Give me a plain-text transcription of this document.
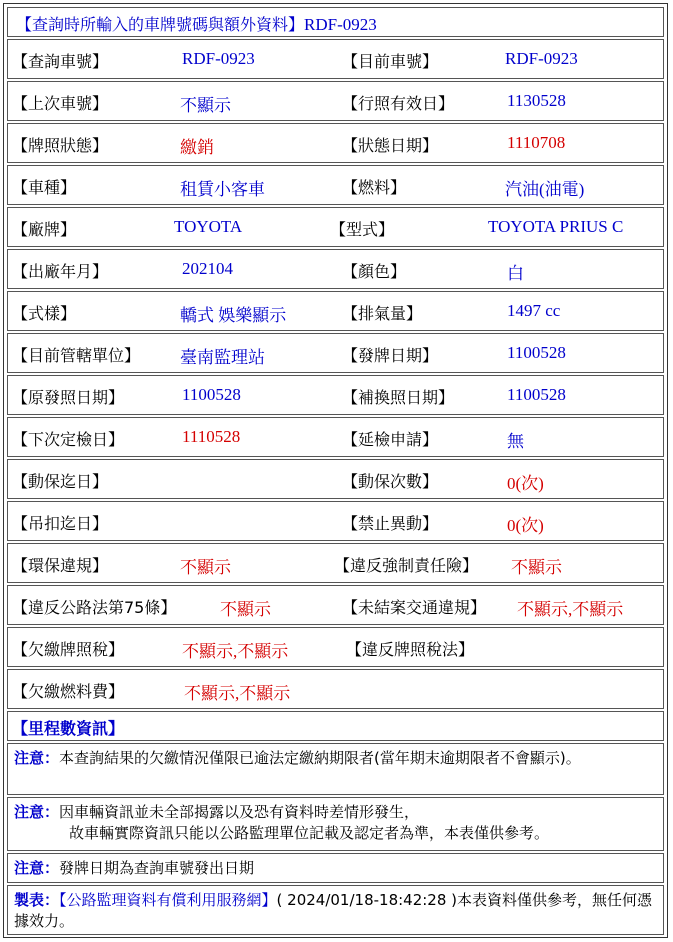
【查詢時所輸入的車牌號碼與額外資料】RDF-0923
【查詢車號】	RDF-0923	【目前車號】	RDF-0923
【上次車號】	不顯示	【行照有效日】	1130528
【牌照狀態】	繳銷	【狀態日期】	1110708
【車種】	租賃小客車	【燃料】	汽油(油電)
【廠牌】	TOYOTA	【型式】	TOYOTA PRIUS C
【出廠年月】	202104	【顏色】	白
【式樣】	轎式 娛樂顯示	【排氣量】	1497 cc
【目前管轄單位】 臺南監理站	【發牌日期】	1100528
【原發照日期】	1100528	【補換照日期】	1100528
【下次定檢日】	1110528	【延檢申請】	無
【動保迄日】	【動保次數】	0(次)
【吊扣迄日】	【禁止異動】	0(次)
【環保違規】	不顯示	【違反強制責任險】 不顯示
【違反公路法第75條】	不顯示	【未結案交通違規】 不顯示,不顯示
【欠繳牌照稅】	不顯示,不顯示	【違反牌照稅法】
【欠繳燃料費】	不顯示,不顯示
【里程數資訊】
注意：本查詢結果的欠繳情況僅限已逾法定繳納期限者(當年期末逾期限者不會顯示)。
注意：因車輛資訊並未全部揭露以及恐有資料時差情形發生，
故車輛實際資訊只能以公路監理單位記載及認定者為準，本表僅供參考。
注意：發牌日期為查詢車號發出日期
製表：【公路監理資料有償利用服務網】( 2024/01/18-18:42:28 )本表資料僅供參考，無任何憑據效力。
